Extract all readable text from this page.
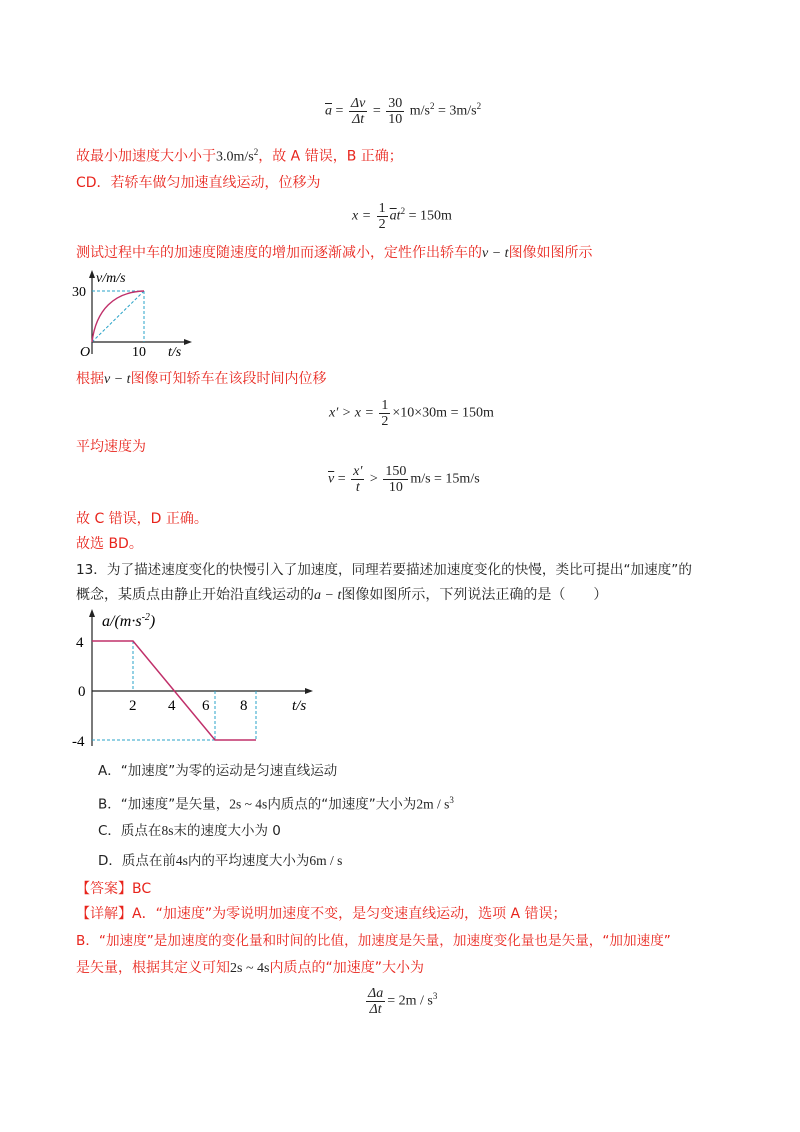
$\overline{a} = \frac{\Delta v}{\Delta t} = \frac{30}{10} m/s^2 = 3m/s^2$
故最小加速度大小小于$3.0m/s^2$，故 A 错误，B 正确；
CD．若轿车做匀加速直线运动，位移为
$x = \frac{1}{2} \overline{a}t^2 = 150m$
测试过程中车的加速度随速度的增加而逐渐减小，定性作出轿车的v − t图像如图所示
v/m/s
30
O	10 t/s
根据v − t图像可知轿车在该段时间内位移
$x' > x = \frac{1}{2} \times 10\times 30m = 150m$
平均速度为
$\overline{v} = \frac{x'}{t} > \frac{150}{10} m/s = 15m/s$
故 C 错误，D 正确。
故选 BD。
13．为了描述速度变化的快慢引入了加速度，同理若要描述加速度变化的快慢，类比可提出“加速度”的
概念，某质点由静止开始沿直线运动的a − t图像如图所示，下列说法正确的是（　　）
$a/(m\cdot s^{-2})$
4
0
-4
2 4 6 8	t/s
A．“加速度”为零的运动是匀速直线运动
B．“加速度”是矢量，2s ~ 4s内质点的“加速度”大小为$2m / s^3$
C．质点在8s末的速度大小为 0
D．质点在前4s内的平均速度大小为6m / s
【答案】BC
【详解】A．“加速度”为零说明加速度不变，是匀变速直线运动，选项 A 错误；
B．“加速度”是加速度的变化量和时间的比值，加速度是矢量，加速度变化量也是矢量，“加加速度”
是矢量，根据其定义可知2s ~ 4s内质点的“加速度”大小为
$\frac{\Delta a}{\Delta t} = 2m / s^3$
